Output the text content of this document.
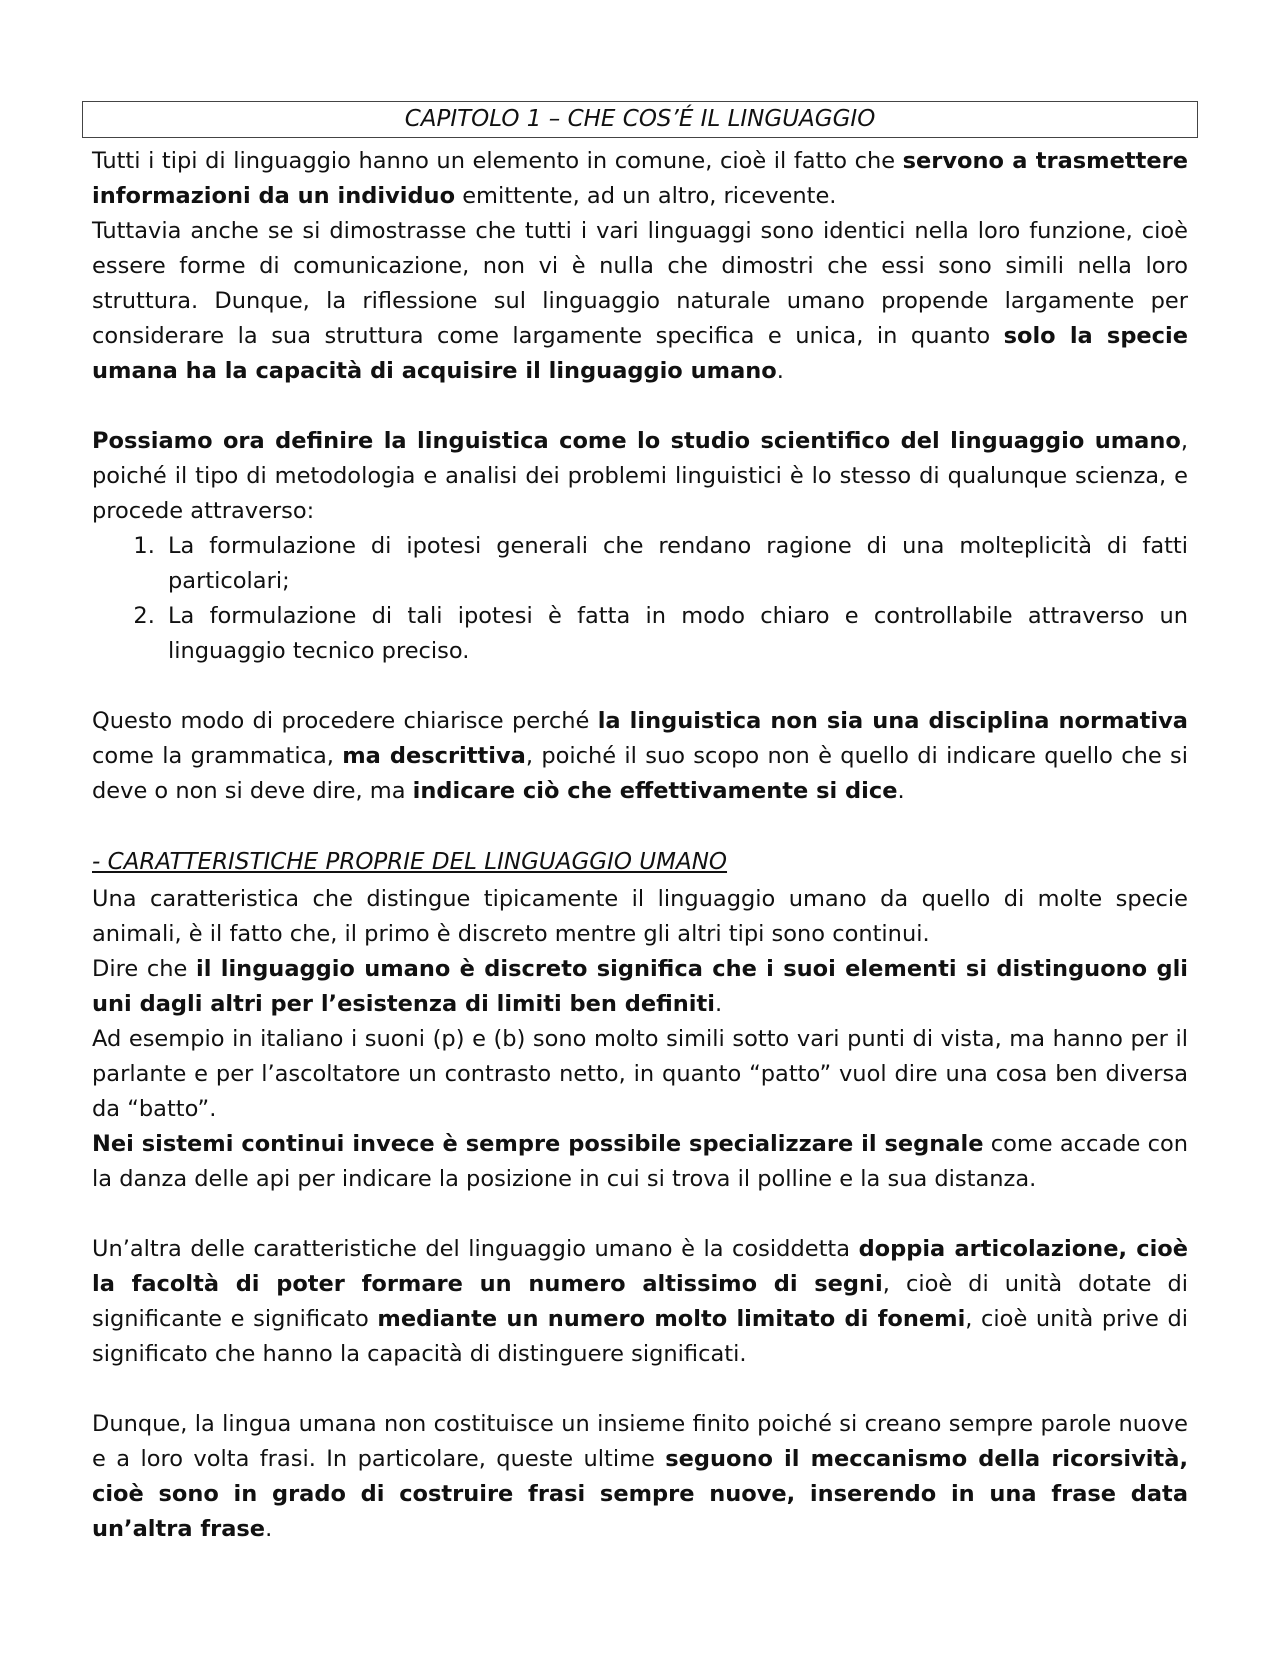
CAPITOLO 1 – CHE COS’É IL LINGUAGGIO

Tutti i tipi di linguaggio hanno un elemento in comune, cioè il fatto che servono a trasmettere informazioni da un individuo emittente, ad un altro, ricevente.

Tuttavia anche se si dimostrasse che tutti i vari linguaggi sono identici nella loro funzione, cioè essere forme di comunicazione, non vi è nulla che dimostri che essi sono simili nella loro struttura. Dunque, la riflessione sul linguaggio naturale umano propende largamente per considerare la sua struttura come largamente specifica e unica, in quanto solo la specie umana ha la capacità di acquisire il linguaggio umano.

Possiamo ora definire la linguistica come lo studio scientifico del linguaggio umano, poiché il tipo di metodologia e analisi dei problemi linguistici è lo stesso di qualunque scienza, e procede attraverso:

1. La formulazione di ipotesi generali che rendano ragione di una molteplicità di fatti particolari;
2. La formulazione di tali ipotesi è fatta in modo chiaro e controllabile attraverso un linguaggio tecnico preciso.

Questo modo di procedere chiarisce perché la linguistica non sia una disciplina normativa come la grammatica, ma descrittiva, poiché il suo scopo non è quello di indicare quello che si deve o non si deve dire, ma indicare ciò che effettivamente si dice.

- CARATTERISTICHE PROPRIE DEL LINGUAGGIO UMANO

Una caratteristica che distingue tipicamente il linguaggio umano da quello di molte specie animali, è il fatto che, il primo è discreto mentre gli altri tipi sono continui.

Dire che il linguaggio umano è discreto significa che i suoi elementi si distinguono gli uni dagli altri per l’esistenza di limiti ben definiti.

Ad esempio in italiano i suoni (p) e (b) sono molto simili sotto vari punti di vista, ma hanno per il parlante e per l’ascoltatore un contrasto netto, in quanto “patto” vuol dire una cosa ben diversa da “batto”.

Nei sistemi continui invece è sempre possibile specializzare il segnale come accade con la danza delle api per indicare la posizione in cui si trova il polline e la sua distanza.

Un’altra delle caratteristiche del linguaggio umano è la cosiddetta doppia articolazione, cioè la facoltà di poter formare un numero altissimo di segni, cioè di unità dotate di significante e significato mediante un numero molto limitato di fonemi, cioè unità prive di significato che hanno la capacità di distinguere significati.

Dunque, la lingua umana non costituisce un insieme finito poiché si creano sempre parole nuove e a loro volta frasi. In particolare, queste ultime seguono il meccanismo della ricorsività, cioè sono in grado di costruire frasi sempre nuove, inserendo in una frase data un’altra frase.
